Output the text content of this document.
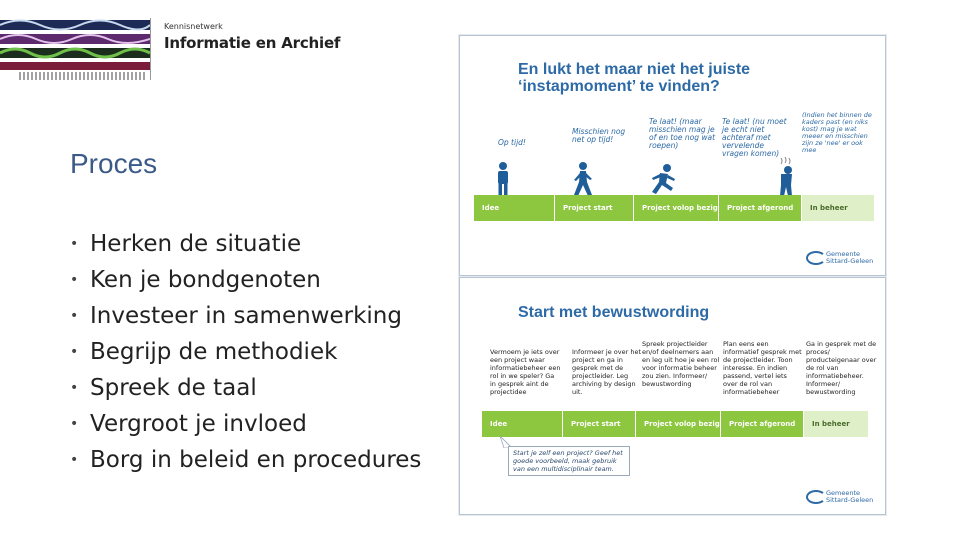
Kennisnetwerk
Informatie en Archief
Proces
• Herken de situatie
• Ken je bondgenoten
• Investeer in samenwerking
• Begrijp de methodiek
• Spreek de taal
• Vergroot je invloed
• Borg in beleid en procedures
En lukt het maar niet het juiste
‘instapmoment’ te vinden?
Op tijd!
Misschien nog net op tijd!
Te laat! (maar misschien mag je of en toe nog wat roepen)
Te laat! (nu moet je echt niet achteraf met vervelende vragen komen)
(Indien het binnen de kaders past (en niks kost) mag je wat meeer en misschien zijn ze 'nee' er ook mee
Idee	Project start	Project volop bezig	Project afgerond	In beheer
Gemeente Sittard-Geleen
Start met bewustwording
Vermoem je iets over een project waar informatiebeheer een rol in we speler? Ga in gesprek aint de projectidee
Informeer je over het project en ga in gesprek met de projectleider. Leg archiving by design uit.
Spreek projectleider en/of deelnemers aan en leg uit hoe je een rol voor informatie beheer zou zien. Informeer/ bewustwording
Plan eens een informatief gesprek met de projectleider. Toon interesse. En indien passend, vertel iets over de rol van informatiebeheer
Ga in gesprek met de proces/ producteigenaar over de rol van informatiebeheer. Informeer/ bewustwording
Idee	Project start	Project volop bezig	Project afgerond	In beheer
Start je zelf een project? Geef het goede voorbeeld, maak gebruik van een multidisciplinair team.
Gemeente Sittard-Geleen
